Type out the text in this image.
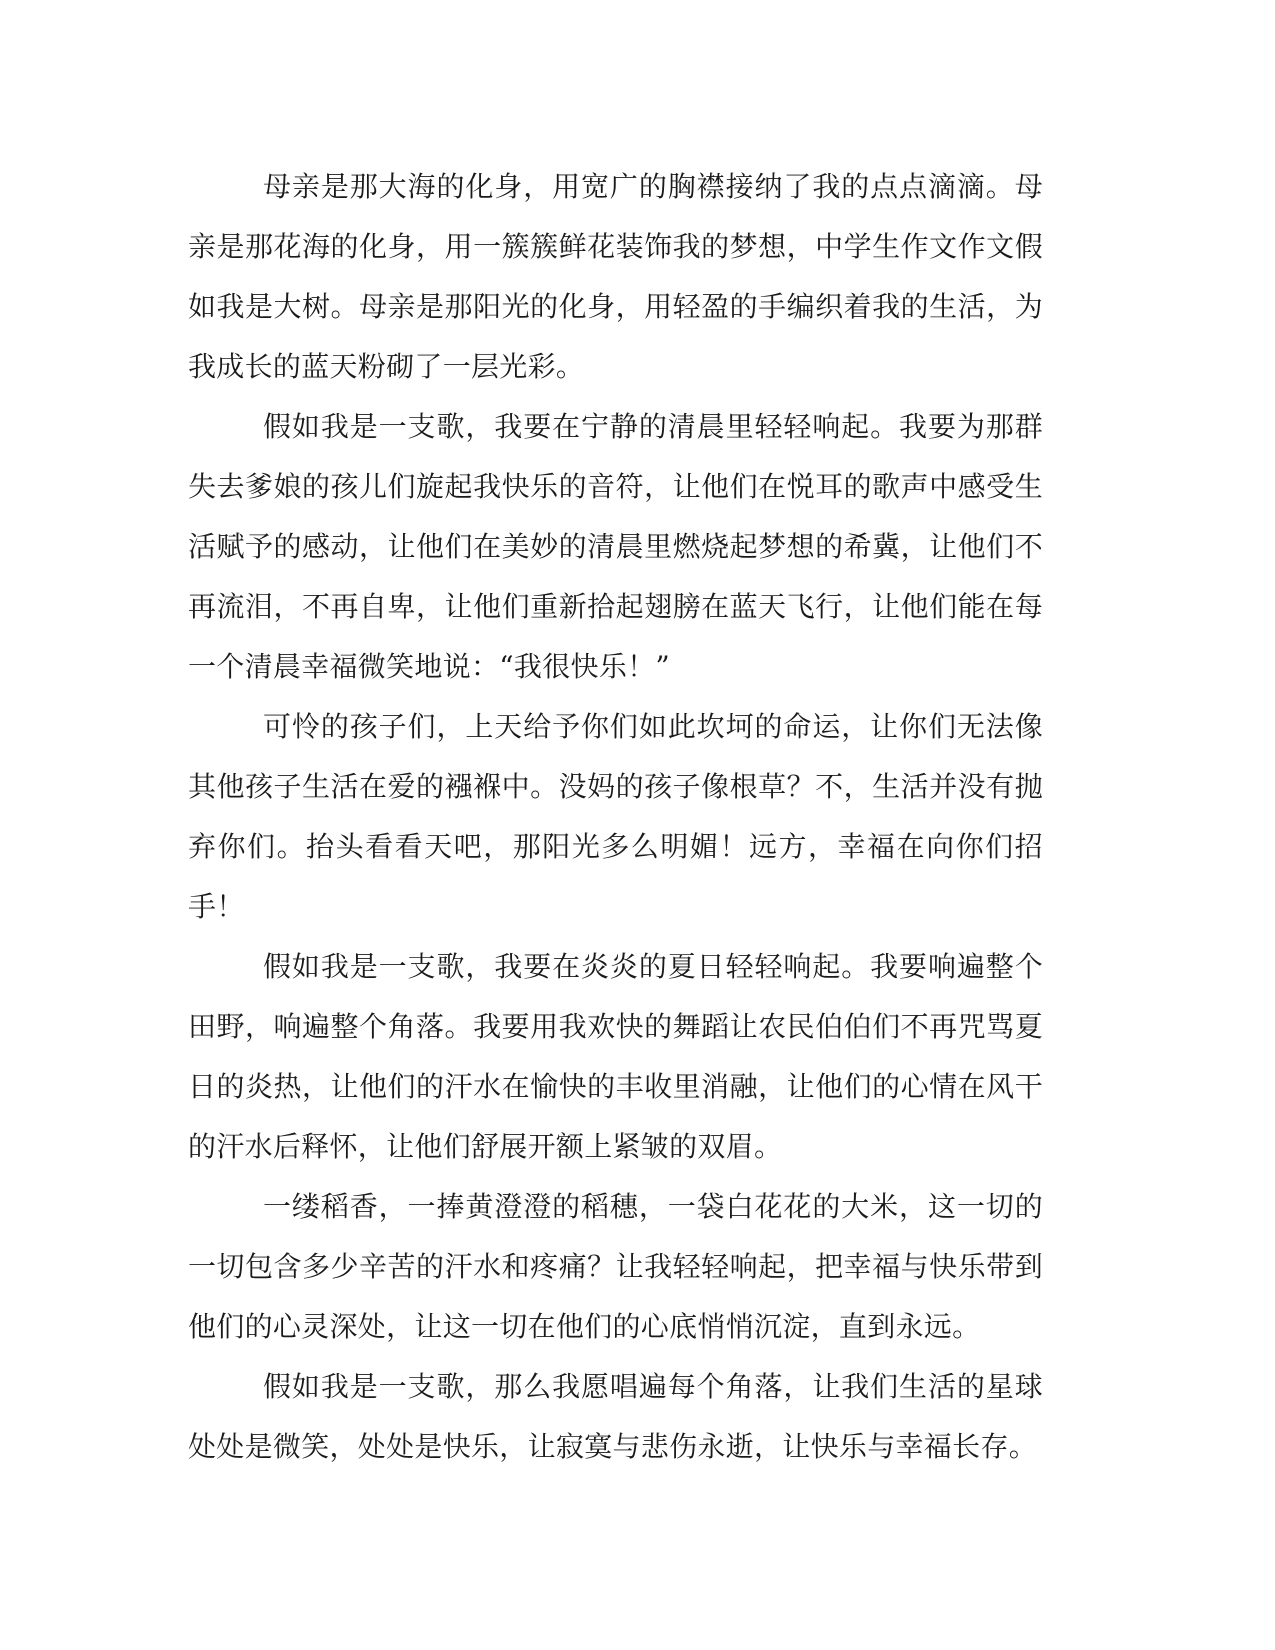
母亲是那大海的化身，用宽广的胸襟接纳了我的点点滴滴。母亲是那花海的化身，用一簇簇鲜花装饰我的梦想，中学生作文作文假如我是大树。母亲是那阳光的化身，用轻盈的手编织着我的生活，为我成长的蓝天粉砌了一层光彩。

假如我是一支歌，我要在宁静的清晨里轻轻响起。我要为那群失去爹娘的孩儿们旋起我快乐的音符，让他们在悦耳的歌声中感受生活赋予的感动，让他们在美妙的清晨里燃烧起梦想的希冀，让他们不再流泪，不再自卑，让他们重新拾起翅膀在蓝天飞行，让他们能在每一个清晨幸福微笑地说：“我很快乐！”

可怜的孩子们，上天给予你们如此坎坷的命运，让你们无法像其他孩子生活在爱的襁褓中。没妈的孩子像根草？不，生活并没有抛弃你们。抬头看看天吧，那阳光多么明媚！远方，幸福在向你们招手！

假如我是一支歌，我要在炎炎的夏日轻轻响起。我要响遍整个田野，响遍整个角落。我要用我欢快的舞蹈让农民伯伯们不再咒骂夏日的炎热，让他们的汗水在愉快的丰收里消融，让他们的心情在风干的汗水后释怀，让他们舒展开额上紧皱的双眉。

一缕稻香，一捧黄澄澄的稻穗，一袋白花花的大米，这一切的一切包含多少辛苦的汗水和疼痛？让我轻轻响起，把幸福与快乐带到他们的心灵深处，让这一切在他们的心底悄悄沉淀，直到永远。

假如我是一支歌，那么我愿唱遍每个角落，让我们生活的星球处处是微笑，处处是快乐，让寂寞与悲伤永逝，让快乐与幸福长存。
